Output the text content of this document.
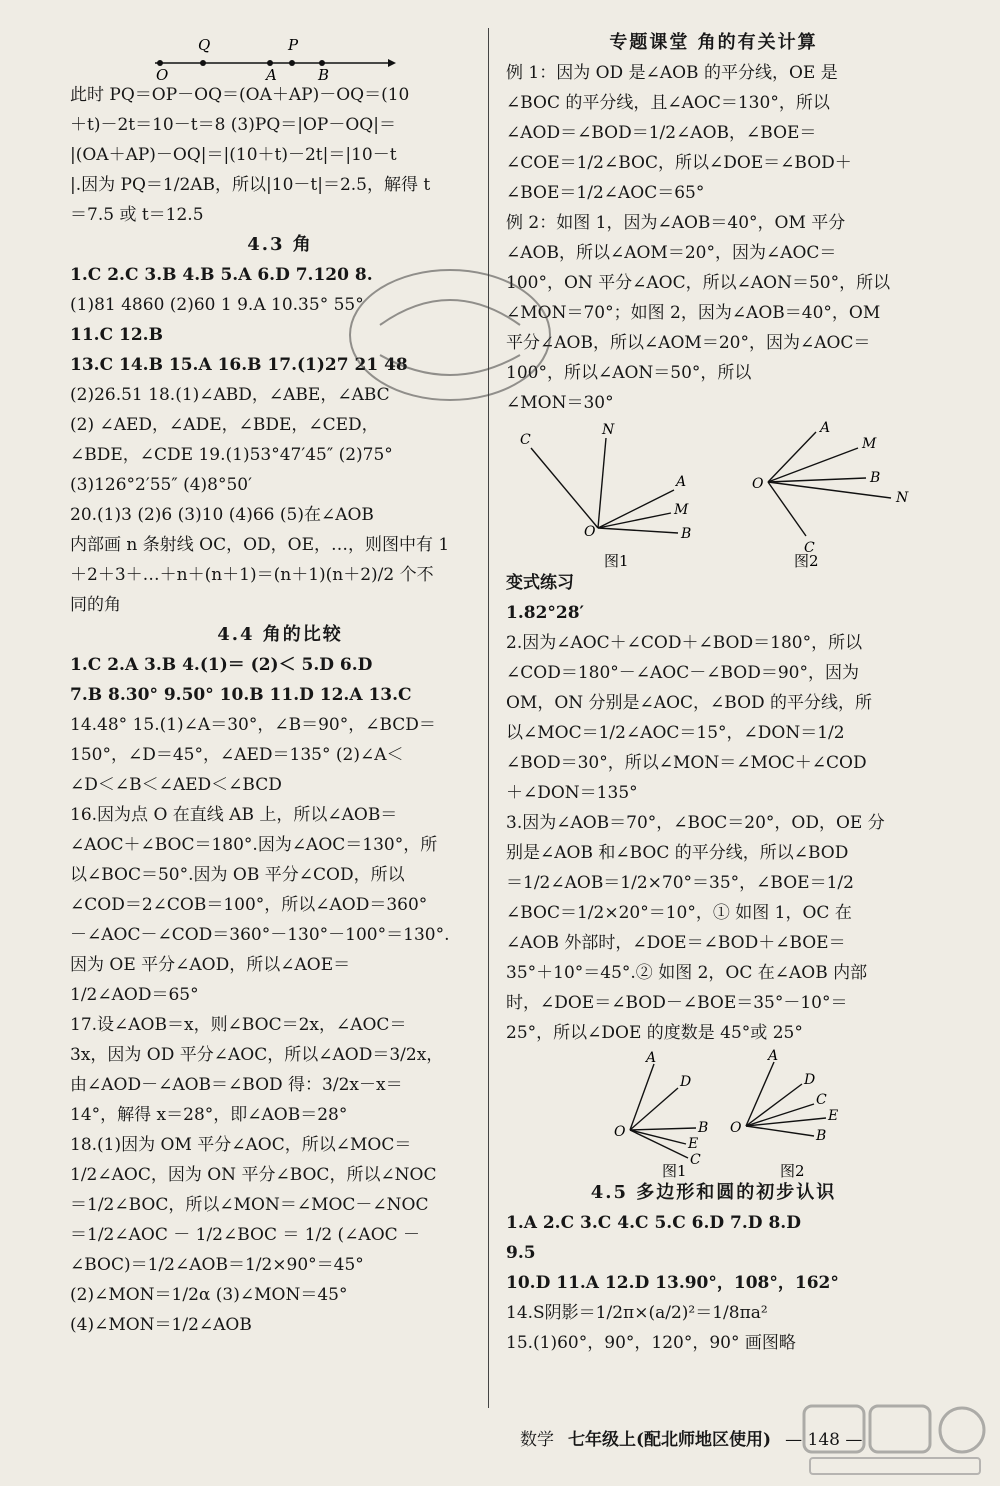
O
Q
A
P
B
此时 PQ＝OP－OQ＝(OA＋AP)－OQ＝(10
＋t)－2t＝10－t＝8 (3)PQ＝|OP－OQ|＝
|(OA＋AP)－OQ|＝|(10＋t)－2t|＝|10－t
|.因为 PQ＝1/2AB，所以|10－t|＝2.5，解得 t
＝7.5 或 t＝12.5
4.3 角
1.C 2.C 3.B 4.B 5.A 6.D 7.120 8.
(1)81 4860 (2)60 1 9.A 10.35° 55°
11.C 12.B
13.C 14.B 15.A 16.B 17.(1)27 21 48
(2)26.51 18.(1)∠ABD，∠ABE，∠ABC
(2) ∠AED，∠ADE，∠BDE，∠CED，
∠BDE，∠CDE 19.(1)53°47′45″ (2)75°
(3)126°2′55″ (4)8°50′
20.(1)3 (2)6 (3)10 (4)66 (5)在∠AOB
内部画 n 条射线 OC，OD，OE，…，则图中有 1
＋2＋3＋…＋n＋(n＋1)＝(n＋1)(n＋2)/2 个不
同的角
4.4 角的比较
1.C 2.A 3.B 4.(1)＝ (2)＜ 5.D 6.D
7.B 8.30° 9.50° 10.B 11.D 12.A 13.C
14.48° 15.(1)∠A＝30°，∠B＝90°，∠BCD＝
150°，∠D＝45°，∠AED＝135° (2)∠A＜
∠D＜∠B＜∠AED＜∠BCD
16.因为点 O 在直线 AB 上，所以∠AOB＝
∠AOC＋∠BOC＝180°.因为∠AOC＝130°，所
以∠BOC＝50°.因为 OB 平分∠COD，所以
∠COD＝2∠COB＝100°，所以∠AOD＝360°
－∠AOC－∠COD＝360°－130°－100°＝130°.
因为 OE 平分∠AOD，所以∠AOE＝
1/2∠AOD＝65°
17.设∠AOB＝x，则∠BOC＝2x，∠AOC＝
3x，因为 OD 平分∠AOC，所以∠AOD＝3/2x，
由∠AOD－∠AOB＝∠BOD 得：3/2x－x＝
14°，解得 x＝28°，即∠AOB＝28°
18.(1)因为 OM 平分∠AOC，所以∠MOC＝
1/2∠AOC，因为 ON 平分∠BOC，所以∠NOC
＝1/2∠BOC，所以∠MON＝∠MOC－∠NOC
＝1/2∠AOC － 1/2∠BOC ＝ 1/2 (∠AOC －
∠BOC)＝1/2∠AOB＝1/2×90°＝45°
(2)∠MON＝1/2α (3)∠MON＝45°
(4)∠MON＝1/2∠AOB
专题课堂 角的有关计算
例 1：因为 OD 是∠AOB 的平分线，OE 是
∠BOC 的平分线，且∠AOC＝130°，所以
∠AOD＝∠BOD＝1/2∠AOB，∠BOE＝
∠COE＝1/2∠BOC，所以∠DOE＝∠BOD＋
∠BOE＝1/2∠AOC＝65°
例 2：如图 1，因为∠AOB＝40°，OM 平分
∠AOB，所以∠AOM＝20°，因为∠AOC＝
100°，ON 平分∠AOC，所以∠AON＝50°，所以
∠MON＝70°；如图 2，因为∠AOB＝40°，OM
平分∠AOB，所以∠AOM＝20°，因为∠AOC＝
100°，所以∠AON＝50°，所以
∠MON＝30°
C
N
A
M
B
O
图1
A
M
B
N
C
O
图2
变式练习
1.82°28′
2.因为∠AOC＋∠COD＋∠BOD＝180°，所以
∠COD＝180°－∠AOC－∠BOD＝90°，因为
OM，ON 分别是∠AOC，∠BOD 的平分线，所
以∠MOC＝1/2∠AOC＝15°，∠DON＝1/2
∠BOD＝30°，所以∠MON＝∠MOC＋∠COD
＋∠DON＝135°
3.因为∠AOB＝70°，∠BOC＝20°，OD，OE 分
别是∠AOB 和∠BOC 的平分线，所以∠BOD
＝1/2∠AOB＝1/2×70°＝35°，∠BOE＝1/2
∠BOC＝1/2×20°＝10°，① 如图 1，OC 在
∠AOB 外部时，∠DOE＝∠BOD＋∠BOE＝
35°＋10°＝45°.② 如图 2，OC 在∠AOB 内部
时，∠DOE＝∠BOD－∠BOE＝35°－10°＝
25°，所以∠DOE 的度数是 45°或 25°
A
D
B
E
C
O
图1
A
D
C
E
B
O
图2
4.5 多边形和圆的初步认识
1.A 2.C 3.C 4.C 5.C 6.D 7.D 8.D
9.5
10.D 11.A 12.D 13.90°，108°，162°
14.S阴影＝1/2π×(a/2)²＝1/8πa²
15.(1)60°，90°，120°，90° 画图略
数学 七年级上(配北师地区使用) — 148 —
